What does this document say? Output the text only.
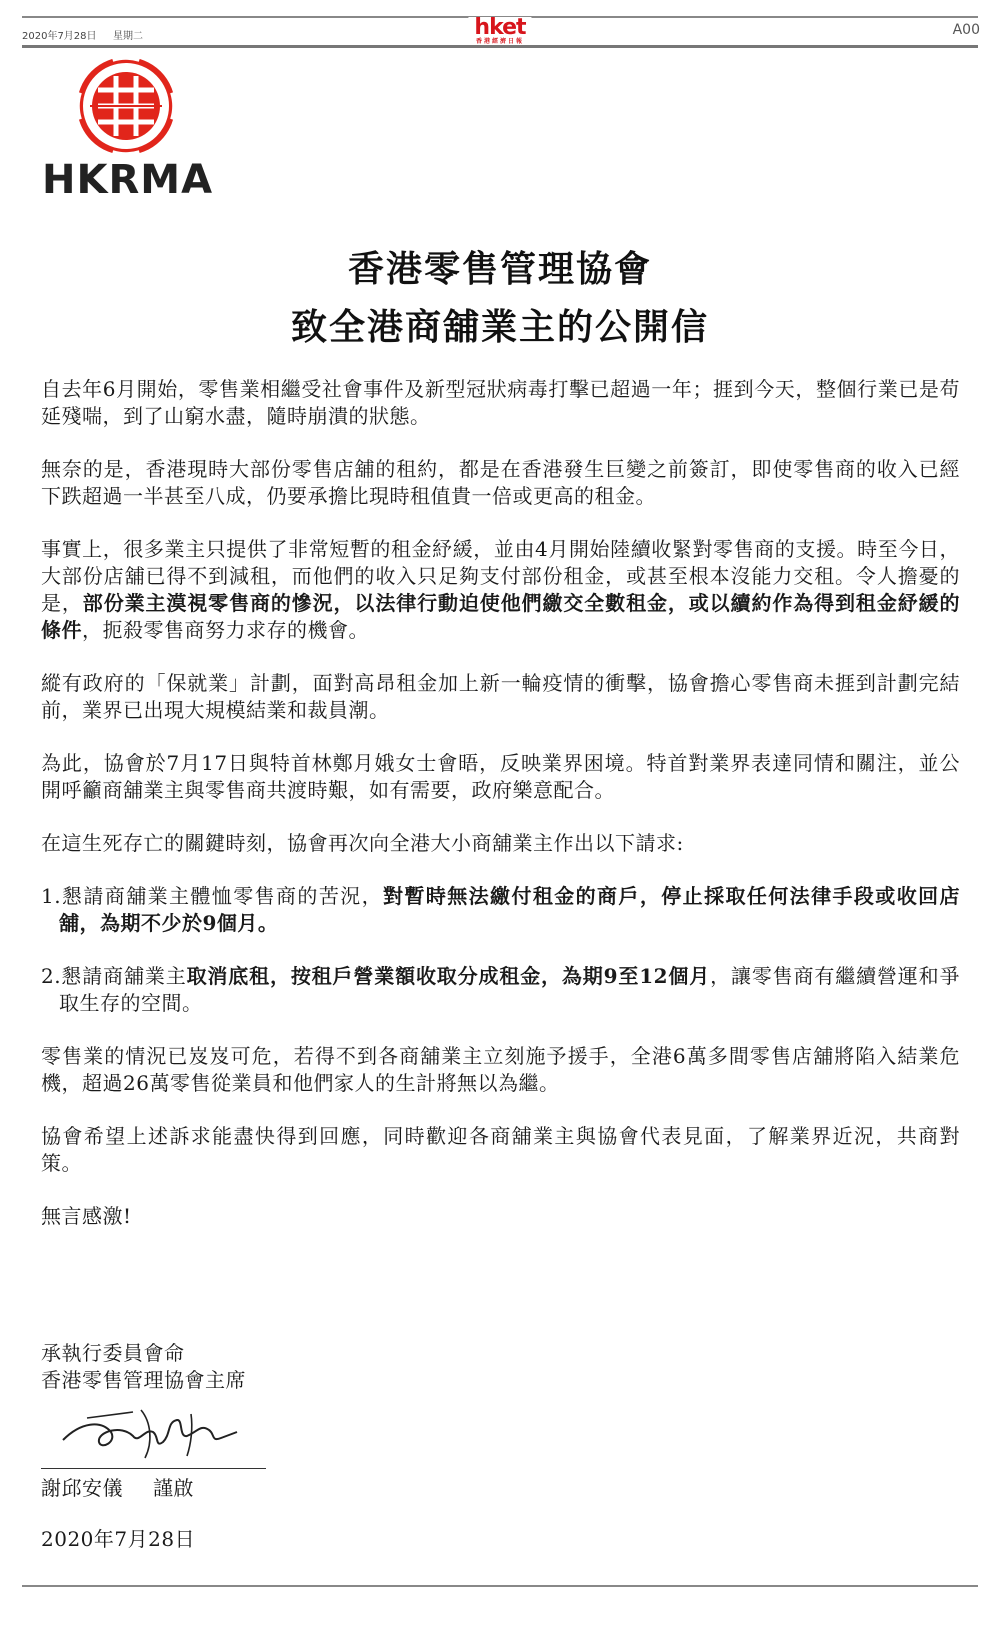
2020年7月28日 星期二	hket
香港經濟日報
A00
HKRMA
香港零售管理協會
致全港商舖業主的公開信

自去年6月開始，零售業相繼受社會事件及新型冠狀病毒打擊已超過一年；捱到今天，整個行業已是苟延殘喘，到了山窮水盡，隨時崩潰的狀態。

無奈的是，香港現時大部份零售店舖的租約，都是在香港發生巨變之前簽訂，即使零售商的收入已經下跌超過一半甚至八成，仍要承擔比現時租值貴一倍或更高的租金。

事實上，很多業主只提供了非常短暫的租金紓緩，並由4月開始陸續收緊對零售商的支援。時至今日，大部份店舖已得不到減租，而他們的收入只足夠支付部份租金，或甚至根本沒能力交租。令人擔憂的是，部份業主漠視零售商的慘況，以法律行動迫使他們繳交全數租金，或以續約作為得到租金紓緩的條件，扼殺零售商努力求存的機會。

縱有政府的「保就業」計劃，面對高昂租金加上新一輪疫情的衝擊，協會擔心零售商未捱到計劃完結前，業界已出現大規模結業和裁員潮。

為此，協會於7月17日與特首林鄭月娥女士會晤，反映業界困境。特首對業界表達同情和關注，並公開呼籲商舖業主與零售商共渡時艱，如有需要，政府樂意配合。

在這生死存亡的關鍵時刻，協會再次向全港大小商舖業主作出以下請求:

1.懇請商舖業主體恤零售商的苦況，對暫時無法繳付租金的商戶，停止採取任何法律手段或收回店舖，為期不少於9個月。

2.懇請商舖業主取消底租，按租戶營業額收取分成租金，為期9至12個月，讓零售商有繼續營運和爭取生存的空間。

零售業的情況已岌岌可危，若得不到各商舖業主立刻施予援手，全港6萬多間零售店舖將陷入結業危機，超過26萬零售從業員和他們家人的生計將無以為繼。

協會希望上述訴求能盡快得到回應，同時歡迎各商舖業主與協會代表見面，了解業界近況，共商對策。

無言感激!

承執行委員會命
香港零售管理協會主席
謝邱安儀 謹啟
2020年7月28日
